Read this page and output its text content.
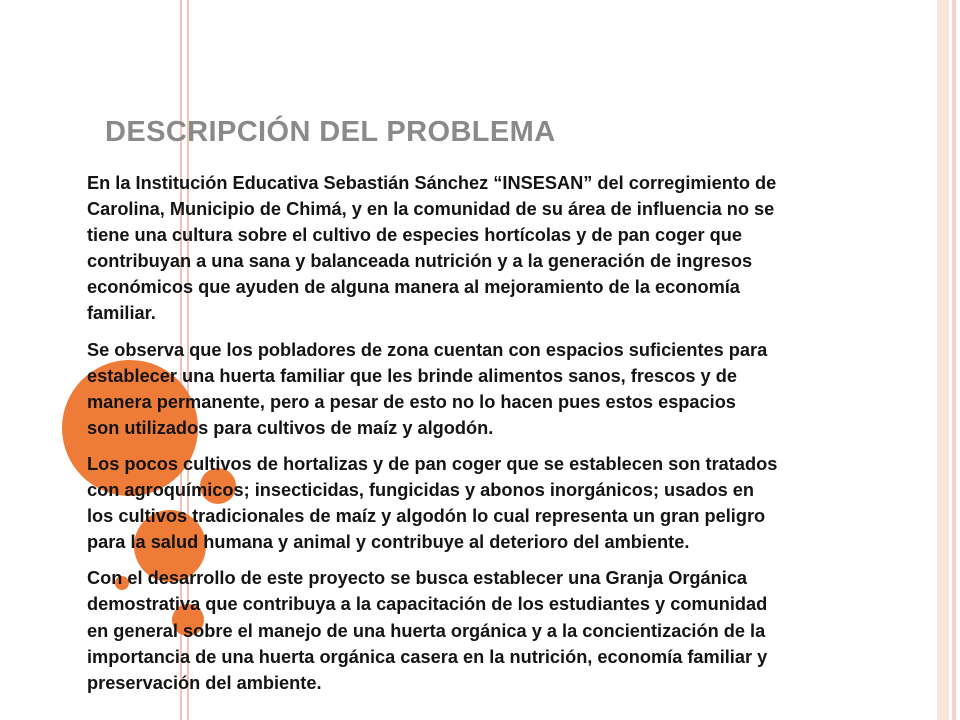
DESCRIPCIÓN DEL PROBLEMA

En la Institución Educativa Sebastián Sánchez “INSESAN” del corregimiento de
Carolina, Municipio de Chimá, y en la comunidad de su área de influencia no se
tiene una cultura sobre el cultivo de especies hortícolas y de pan coger que
contribuyan a una sana y balanceada nutrición y a la generación de ingresos
económicos que ayuden de alguna manera al mejoramiento de la economía
familiar.

Se observa que los pobladores de zona cuentan con espacios suficientes para
establecer una huerta familiar que les brinde alimentos sanos, frescos y de
manera permanente, pero a pesar de esto no lo hacen pues estos espacios
son utilizados para cultivos de maíz y algodón.

Los pocos cultivos de hortalizas y de pan coger que se establecen son tratados
con agroquímicos; insecticidas, fungicidas y abonos inorgánicos; usados en
los cultivos tradicionales de maíz y algodón lo cual representa un gran peligro
para la salud humana y animal y contribuye al deterioro del ambiente.

Con el desarrollo de este proyecto se busca establecer una Granja Orgánica
demostrativa que contribuya a la capacitación de los estudiantes y comunidad
en general sobre el manejo de una huerta orgánica y a la concientización de la
importancia de una huerta orgánica casera en la nutrición, economía familiar y
preservación del ambiente.
